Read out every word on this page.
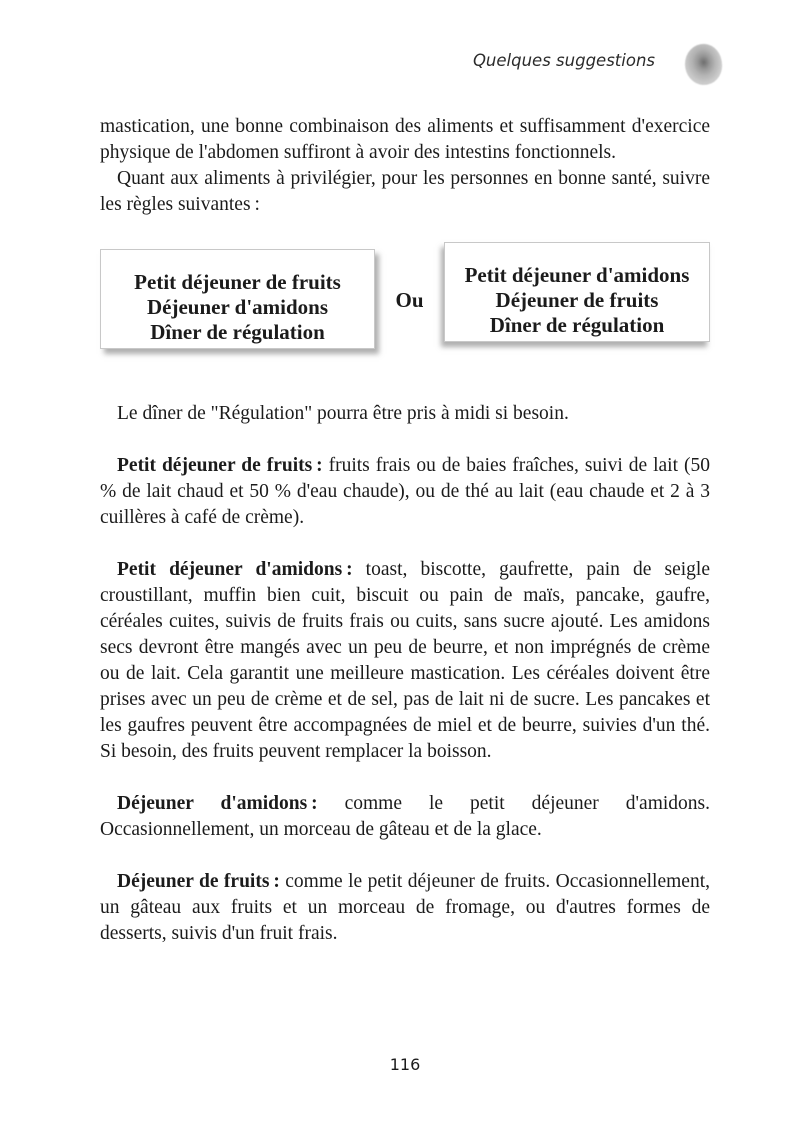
Quelques suggestions

mastication, une bonne combinaison des aliments et suffisamment d'exercice physique de l'abdomen suffiront à avoir des intestins fonctionnels.

Quant aux aliments à privilégier, pour les personnes en bonne santé, suivre les règles suivantes :

Petit déjeuner de fruits
Déjeuner d'amidons
Dîner de régulation
Ou
Petit déjeuner d'amidons
Déjeuner de fruits
Dîner de régulation

Le dîner de "Régulation" pourra être pris à midi si besoin.

Petit déjeuner de fruits : fruits frais ou de baies fraîches, suivi de lait (50 % de lait chaud et 50 % d'eau chaude), ou de thé au lait (eau chaude et 2 à 3 cuillères à café de crème).

Petit déjeuner d'amidons : toast, biscotte, gaufrette, pain de seigle croustillant, muffin bien cuit, biscuit ou pain de maïs, pancake, gaufre, céréales cuites, suivis de fruits frais ou cuits, sans sucre ajouté. Les amidons secs devront être mangés avec un peu de beurre, et non imprégnés de crème ou de lait. Cela garantit une meilleure mastication. Les céréales doivent être prises avec un peu de crème et de sel, pas de lait ni de sucre. Les pancakes et les gaufres peuvent être accompagnées de miel et de beurre, suivies d'un thé. Si besoin, des fruits peuvent remplacer la boisson.

Déjeuner d'amidons : comme le petit déjeuner d'amidons. Occasionnellement, un morceau de gâteau et de la glace.

Déjeuner de fruits : comme le petit déjeuner de fruits. Occasionnellement, un gâteau aux fruits et un morceau de fromage, ou d'autres formes de desserts, suivis d'un fruit frais.

116
